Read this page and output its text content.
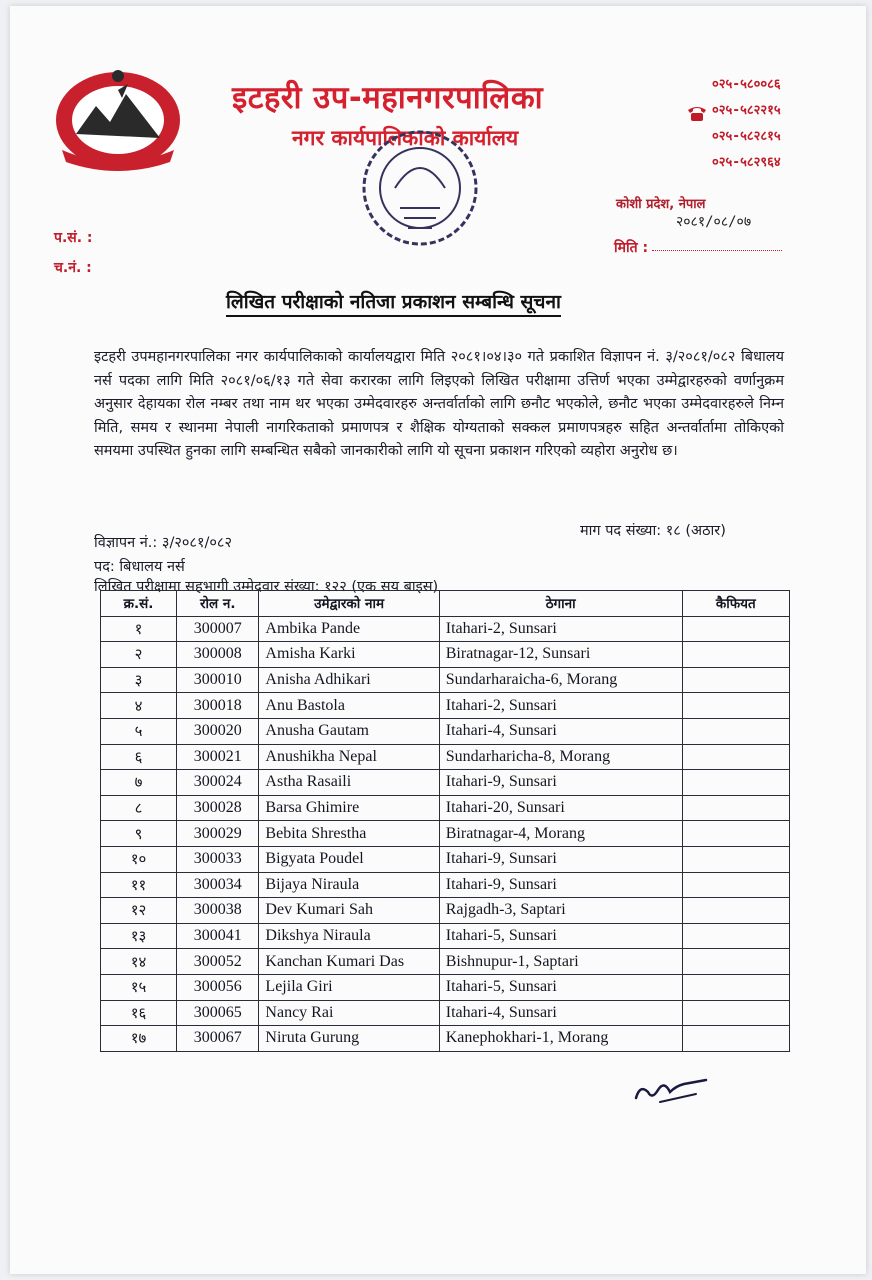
इटहरी उप-महानगरपालिका
नगर कार्यपालिकाको कार्यालय
०२५-५८००८६
०२५-५८२२१५
०२५-५८२८१५
०२५-५८२९६४
कोशी प्रदेश, नेपाल
२०८१/०८/०७
प.सं. :
च.नं. :
मिति :
लिखित परीक्षाको नतिजा प्रकाशन सम्बन्धि सूचना
इटहरी उपमहानगरपालिका नगर कार्यपालिकाको कार्यालयद्वारा मिति २०८१।०४।३० गते प्रकाशित विज्ञापन नं. ३/२०८१/०८२ बिधालय नर्स पदका लागि मिति २०८१/०६/१३ गते सेवा करारका लागि लिइएको लिखित परीक्षामा उत्तिर्ण भएका उम्मेद्वारहरुको वर्णानुक्रम अनुसार देहायका रोल नम्बर तथा नाम थर भएका उम्मेदवारहरु अन्तर्वार्ताको लागि छनौट भएकोले, छनौट भएका उम्मेदवारहरुले निम्न मिति, समय र स्थानमा नेपाली नागरिकताको प्रमाणपत्र र शैक्षिक योग्यताको सक्कल प्रमाणपत्रहरु सहित अन्तर्वार्तामा तोकिएको समयमा उपस्थित हुनका लागि सम्बन्धित सबैको जानकारीको लागि यो सूचना प्रकाशन गरिएको व्यहोरा अनुरोध छ।
माग पद संख्या: १८ (अठार)
विज्ञापन नं.: ३/२०८१/०८२
पद: बिधालय नर्स
लिखित परीक्षामा सहभागी उम्मेदवार संख्या: १२२ (एक सय बाइस)
क्र.सं.	रोल न.	उमेद्वारको नाम	ठेगाना	कैफियत
१	300007	Ambika Pande	Itahari-2, Sunsari	
२	300008	Amisha Karki	Biratnagar-12, Sunsari	
३	300010	Anisha Adhikari	Sundarharaicha-6, Morang	
४	300018	Anu Bastola	Itahari-2, Sunsari	
५	300020	Anusha Gautam	Itahari-4, Sunsari	
६	300021	Anushikha Nepal	Sundarharicha-8, Morang	
७	300024	Astha Rasaili	Itahari-9, Sunsari	
८	300028	Barsa Ghimire	Itahari-20, Sunsari	
९	300029	Bebita Shrestha	Biratnagar-4, Morang	
१०	300033	Bigyata Poudel	Itahari-9, Sunsari	
११	300034	Bijaya Niraula	Itahari-9, Sunsari	
१२	300038	Dev Kumari Sah	Rajgadh-3, Saptari	
१३	300041	Dikshya Niraula	Itahari-5, Sunsari	
१४	300052	Kanchan Kumari Das	Bishnupur-1, Saptari	
१५	300056	Lejila Giri	Itahari-5, Sunsari	
१६	300065	Nancy Rai	Itahari-4, Sunsari	
१७	300067	Niruta Gurung	Kanephokhari-1, Morang	
